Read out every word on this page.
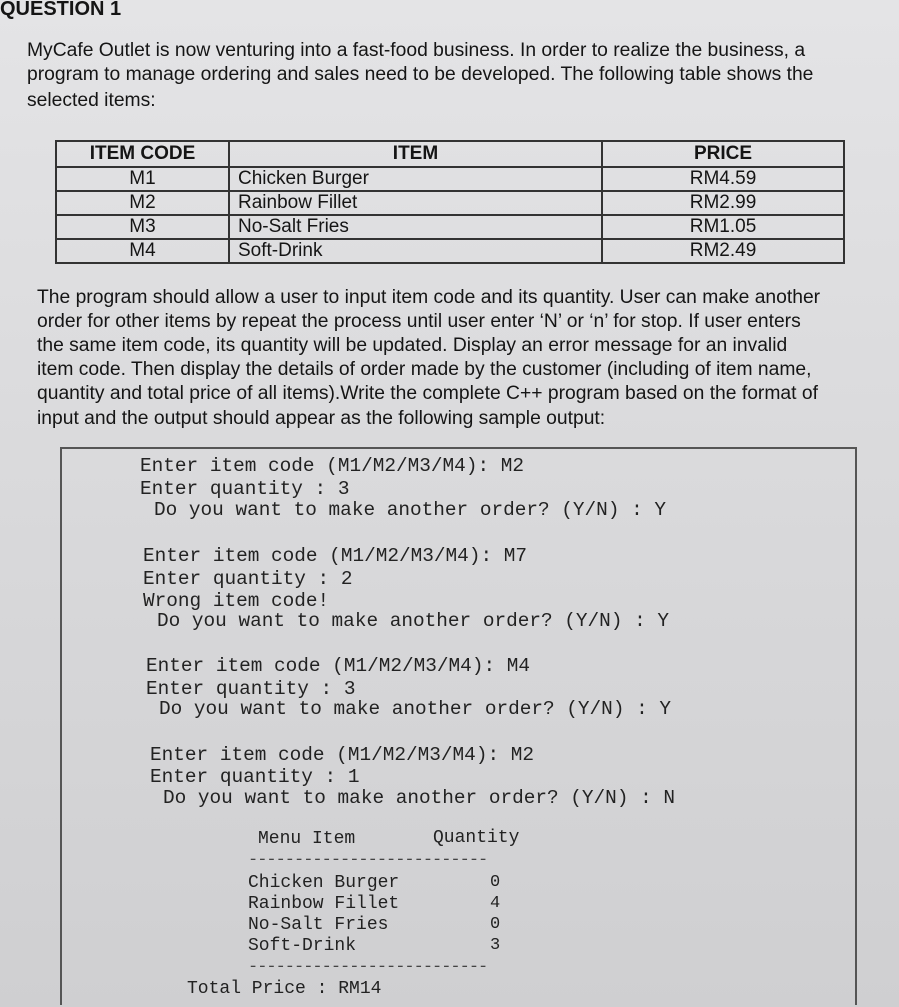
QUESTION 1
MyCafe Outlet is now venturing into a fast-food business. In order to realize the business, a
program to manage ordering and sales need to be developed. The following table shows the
selected items:
ITEM CODE	ITEM	PRICE
M1	Chicken Burger	RM4.59
M2	Rainbow Fillet	RM2.99
M3	No-Salt Fries	RM1.05
M4	Soft-Drink	RM2.49
The program should allow a user to input item code and its quantity. User can make another
order for other items by repeat the process until user enter ‘N’ or ‘n’ for stop. If user enters
the same item code, its quantity will be updated. Display an error message for an invalid
item code. Then display the details of order made by the customer (including of item name,
quantity and total price of all items).Write the complete C++ program based on the format of
input and the output should appear as the following sample output:
Enter item code (M1/M2/M3/M4): M2
Enter quantity : 3
Do you want to make another order? (Y/N) : Y
Enter item code (M1/M2/M3/M4): M7
Enter quantity : 2
Wrong item code!
Do you want to make another order? (Y/N) : Y
Enter item code (M1/M2/M3/M4): M4
Enter quantity : 3
Do you want to make another order? (Y/N) : Y
Enter item code (M1/M2/M3/M4): M2
Enter quantity : 1
Do you want to make another order? (Y/N) : N
Menu Item	Quantity
--------------------------
Chicken Burger	0
Rainbow Fillet	4
No-Salt Fries	0
Soft-Drink	3
--------------------------
Total Price : RM14
